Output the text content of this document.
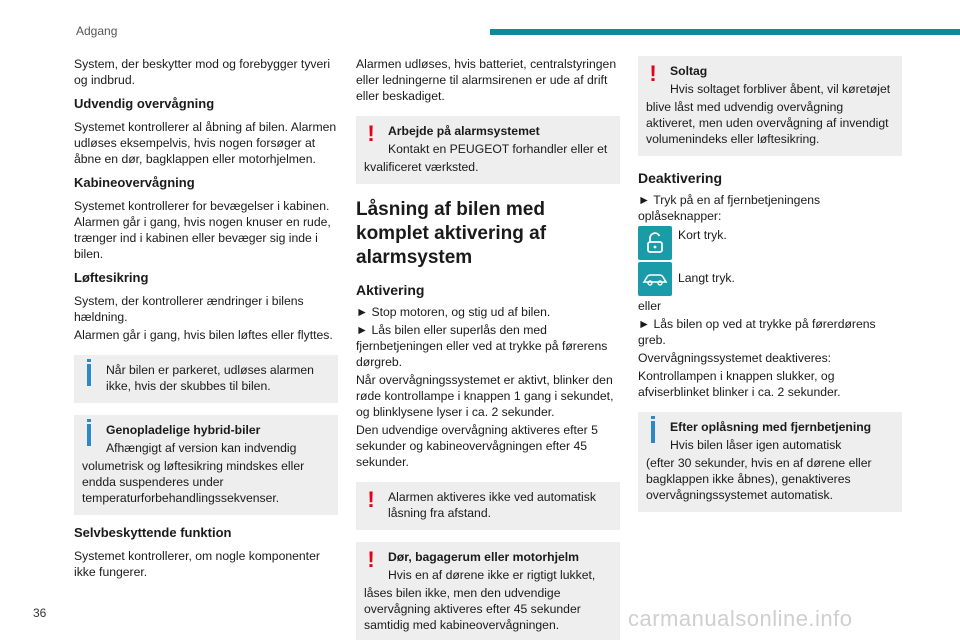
Adgang

System, der beskytter mod og forebygger tyveri og indbrud.

Udvendig overvågning

Systemet kontrollerer al åbning af bilen. Alarmen udløses eksempelvis, hvis nogen forsøger at åbne en dør, bagklappen eller motorhjelmen.

Kabineovervågning

Systemet kontrollerer for bevægelser i kabinen. Alarmen går i gang, hvis nogen knuser en rude, trænger ind i kabinen eller bevæger sig inde i bilen.

Løftesikring

System, der kontrollerer ændringer i bilens hældning.

Alarmen går i gang, hvis bilen løftes eller flyttes.

Når bilen er parkeret, udløses alarmen ikke, hvis der skubbes til bilen.

Genopladelige hybrid-biler

Afhængigt af version kan indvendig

volumetrisk og løftesikring mindskes eller endda suspenderes under temperaturforbehandlingssekvenser.

Selvbeskyttende funktion

Systemet kontrollerer, om nogle komponenter ikke fungerer.

Alarmen udløses, hvis batteriet, centralstyringen eller ledningerne til alarmsirenen er ude af drift eller beskadiget.

!	Arbejde på alarmsystemet

Kontakt en PEUGEOT forhandler eller et

kvalificeret værksted.

Låsning af bilen med komplet aktivering af alarmsystem
Aktivering

► Stop motoren, og stig ud af bilen.

► Lås bilen eller superlås den med fjernbetjeningen eller ved at trykke på førerens dørgreb.

Når overvågningssystemet er aktivt, blinker den røde kontrollampe i knappen 1 gang i sekundet, og blinklysene lyser i ca. 2 sekunder.

Den udvendige overvågning aktiveres efter 5 sekunder og kabineovervågningen efter 45 sekunder.

!	Alarmen aktiveres ikke ved automatisk låsning fra afstand.

!	Dør, bagagerum eller motorhjelm

Hvis en af dørene ikke er rigtigt lukket,

låses bilen ikke, men den udvendige overvågning aktiveres efter 45 sekunder samtidig med kabineovervågningen.

!	Soltag

Hvis soltaget forbliver åbent, vil køretøjet

blive låst med udvendig overvågning aktiveret, men uden overvågning af invendigt volumenindeks eller løftesikring.

Deaktivering

► Tryk på en af fjernbetjeningens oplåseknapper:

Kort tryk.

Langt tryk.

eller

► Lås bilen op ved at trykke på førerdørens greb.

Overvågningssystemet deaktiveres:

Kontrollampen i knappen slukker, og afviserblinket blinker i ca. 2 sekunder.

Efter oplåsning med fjernbetjening

Hvis bilen låser igen automatisk

(efter 30 sekunder, hvis en af dørene eller bagklappen ikke åbnes), genaktiveres overvågningssystemet automatisk.

36	carmanualsonline.info
